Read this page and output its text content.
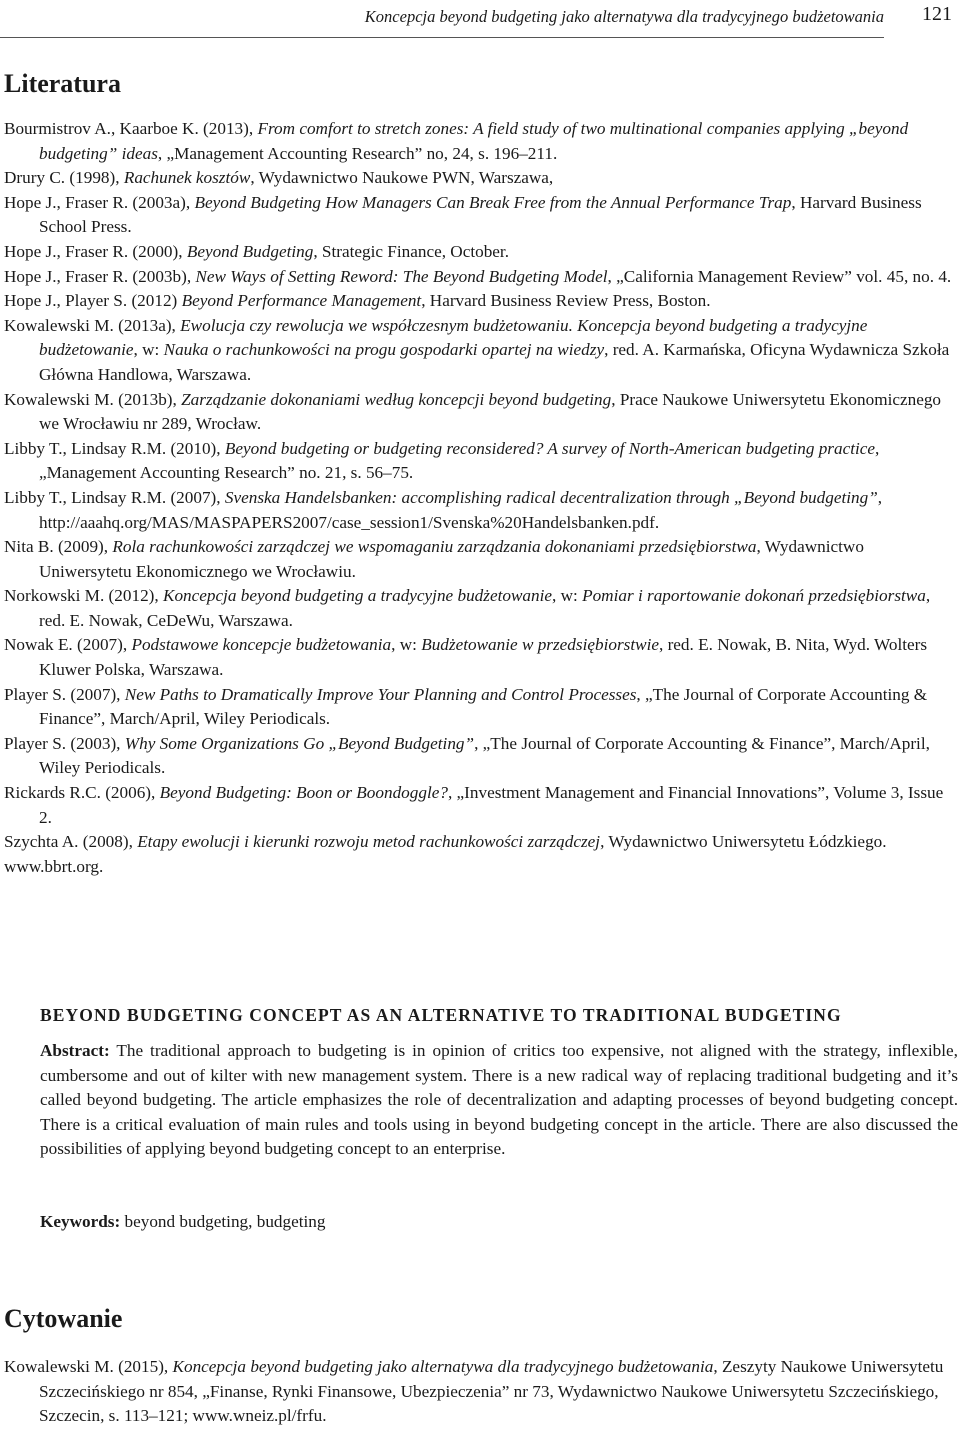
Koncepcja beyond budgeting jako alternatywa dla tradycyjnego budżetowania 121
Literatura
Bourmistrov A., Kaarboe K. (2013), From comfort to stretch zones: A field study of two multinational companies applying „beyond budgeting” ideas, „Management Accounting Research” no, 24, s. 196–211.
Drury C. (1998), Rachunek kosztów, Wydawnictwo Naukowe PWN, Warszawa,
Hope J., Fraser R. (2003a), Beyond Budgeting How Managers Can Break Free from the Annual Performance Trap, Harvard Business School Press.
Hope J., Fraser R. (2000), Beyond Budgeting, Strategic Finance, October.
Hope J., Fraser R. (2003b), New Ways of Setting Reword: The Beyond Budgeting Model, „California Management Review” vol. 45, no. 4.
Hope J., Player S. (2012) Beyond Performance Management, Harvard Business Review Press, Boston.
Kowalewski M. (2013a), Ewolucja czy rewolucja we współczesnym budżetowaniu. Koncepcja beyond budgeting a tradycyjne budżetowanie, w: Nauka o rachunkowości na progu gospodarki opartej na wiedzy, red. A. Karmańska, Oficyna Wydawnicza Szkoła Główna Handlowa, Warszawa.
Kowalewski M. (2013b), Zarządzanie dokonaniami według koncepcji beyond budgeting, Prace Naukowe Uniwersytetu Ekonomicznego we Wrocławiu nr 289, Wrocław.
Libby T., Lindsay R.M. (2010), Beyond budgeting or budgeting reconsidered? A survey of North-American budgeting practice, „Management Accounting Research” no. 21, s. 56–75.
Libby T., Lindsay R.M. (2007), Svenska Handelsbanken: accomplishing radical decentralization through „Beyond budgeting”, http://aaahq.org/MAS/MASPAPERS2007/case_session1/Svenska%20Handelsbanken.pdf.
Nita B. (2009), Rola rachunkowości zarządczej we wspomaganiu zarządzania dokonaniami przedsiębiorstwa, Wydawnictwo Uniwersytetu Ekonomicznego we Wrocławiu.
Norkowski M. (2012), Koncepcja beyond budgeting a tradycyjne budżetowanie, w: Pomiar i raportowanie dokonań przedsiębiorstwa, red. E. Nowak, CeDeWu, Warszawa.
Nowak E. (2007), Podstawowe koncepcje budżetowania, w: Budżetowanie w przedsiębiorstwie, red. E. Nowak, B. Nita, Wyd. Wolters Kluwer Polska, Warszawa.
Player S. (2007), New Paths to Dramatically Improve Your Planning and Control Processes, „The Journal of Corporate Accounting & Finance”, March/April, Wiley Periodicals.
Player S. (2003), Why Some Organizations Go „Beyond Budgeting”, „The Journal of Corporate Accounting & Finance”, March/April, Wiley Periodicals.
Rickards R.C. (2006), Beyond Budgeting: Boon or Boondoggle?, „Investment Management and Financial Innovations”, Volume 3, Issue 2.
Szychta A. (2008), Etapy ewolucji i kierunki rozwoju metod rachunkowości zarządczej, Wydawnictwo Uniwersytetu Łódzkiego.
www.bbrt.org.
BEYOND BUDGETING CONCEPT AS AN ALTERNATIVE TO TRADITIONAL BUDGETING

Abstract: The traditional approach to budgeting is in opinion of critics too expensive, not aligned with the strategy, inflexible, cumbersome and out of kilter with new management system. There is a new radical way of replacing traditional budgeting and it’s called beyond budgeting. The article emphasizes the role of decentralization and adapting processes of beyond budgeting concept. There is a critical evaluation of main rules and tools using in beyond budgeting concept in the article. There are also discussed the possibilities of applying beyond budgeting concept to an enterprise.

Keywords: beyond budgeting, budgeting

Cytowanie

Kowalewski M. (2015), Koncepcja beyond budgeting jako alternatywa dla tradycyjnego budżetowania, Zeszyty Naukowe Uniwersytetu Szczecińskiego nr 854, „Finanse, Rynki Finansowe, Ubezpieczenia” nr 73, Wydawnictwo Naukowe Uniwersytetu Szczecińskiego, Szczecin, s. 113–121; www.wneiz.pl/frfu.
